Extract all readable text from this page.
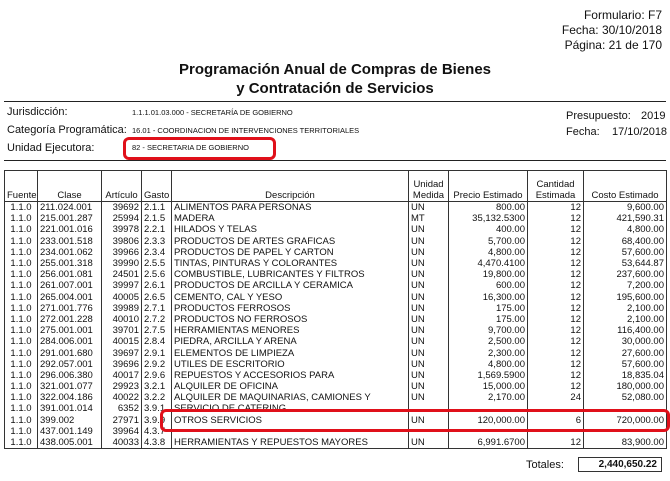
Formulario: F7
Fecha: 30/10/2018
Página: 21 de 170
Programación Anual de Compras de Bienes
y Contratación de Servicios
Jurisdicción:	1.1.1.01.03.000 - SECRETARÍA DE GOBIERNO
Categoría Programática: 16.01 - COORDINACION DE INTERVENCIONES TERRITORIALES
Unidad Ejecutora:	82 - SECRETARIA DE GOBIERNO
Presupuesto: 2019
Fecha: 17/10/2018
Fuente	Clase	Artículo	Gasto	Descripción	Unidad Medida	Precio Estimado	Cantidad Estimada	Costo Estimado
1.1.0	211.024.001	39692	2.1.1	ALIMENTOS PARA PERSONAS	UN	800.00	12	9,600.00
1.1.0	215.001.287	25994	2.1.5	MADERA	MT	35,132.5300	12	421,590.31
1.1.0	221.001.016	39978	2.2.1	HILADOS Y TELAS	UN	400.00	12	4,800.00
1.1.0	233.001.518	39806	2.3.3	PRODUCTOS DE ARTES GRAFICAS	UN	5,700.00	12	68,400.00
1.1.0	234.001.062	39966	2.3.4	PRODUCTOS DE PAPEL Y CARTON	UN	4,800.00	12	57,600.00
1.1.0	255.001.318	39990	2.5.5	TINTAS, PINTURAS Y COLORANTES	UN	4,470.4100	12	53,644.87
1.1.0	256.001.081	24501	2.5.6	COMBUSTIBLE, LUBRICANTES Y FILTROS	UN	19,800.00	12	237,600.00
1.1.0	261.007.001	39997	2.6.1	PRODUCTOS DE ARCILLA Y CERAMICA	UN	600.00	12	7,200.00
1.1.0	265.004.001	40005	2.6.5	CEMENTO, CAL Y YESO	UN	16,300.00	12	195,600.00
1.1.0	271.001.776	39989	2.7.1	PRODUCTOS FERROSOS	UN	175.00	12	2,100.00
1.1.0	272.001.228	40010	2.7.2	PRODUCTOS NO FERROSOS	UN	175.00	12	2,100.00
1.1.0	275.001.001	39701	2.7.5	HERRAMIENTAS MENORES	UN	9,700.00	12	116,400.00
1.1.0	284.006.001	40015	2.8.4	PIEDRA, ARCILLA Y ARENA	UN	2,500.00	12	30,000.00
1.1.0	291.001.680	39697	2.9.1	ELEMENTOS DE LIMPIEZA	UN	2,300.00	12	27,600.00
1.1.0	292.057.001	39696	2.9.2	UTILES DE ESCRITORIO	UN	4,800.00	12	57,600.00
1.1.0	296.006.380	40017	2.9.6	REPUESTOS Y ACCESORIOS PARA	UN	1,569.5900	12	18,835.04
1.1.0	321.001.077	29923	3.2.1	ALQUILER DE OFICINA	UN	15,000.00	12	180,000.00
1.1.0	322.004.186	40022	3.2.2	ALQUILER DE MAQUINARIAS, CAMIONES Y	UN	2,170.00	24	52,080.00
1.1.0	391.001.014	6352	3.9.1	SERVICIO DE CATERING				
1.1.0	399.002	27971	3.9.9	OTROS SERVICIOS	UN	120,000.00	6	720,000.00
1.1.0	437.001.149	39964	4.3.7					
1.1.0	438.005.001	40033	4.3.8	HERRAMIENTAS Y REPUESTOS MAYORES	UN	6,991.6700	12	83,900.00
Totales:	2,440,650.22
